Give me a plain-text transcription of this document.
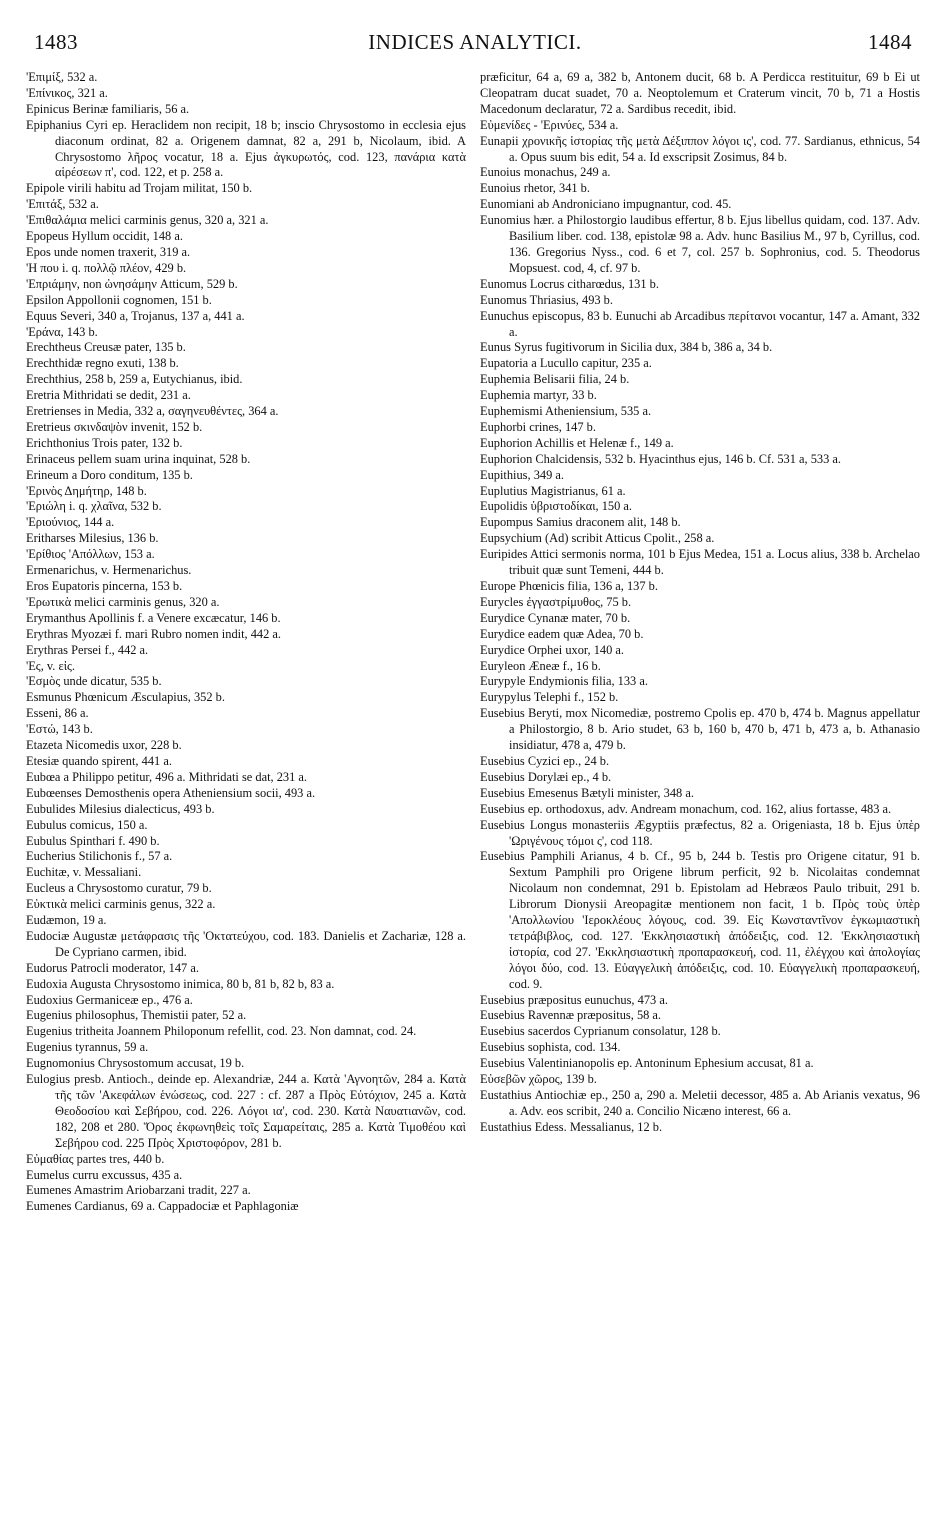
1483	INDICES ANALYTICI.	1484
'Επιμίξ, 532 a.
'Επίνικος, 321 a.
Epinicus Berinæ familiaris, 56 a.
Epiphanius Cyri ep. Heraclidem non recipit, 18 b; inscio Chrysostomo in ecclesia ejus diaconum ordinat, 82 a. Origenem damnat, 82 a, 291 b, Nicolaum, ibid. A Chrysostomo λῆρος vocatur, 18 a. Ejus ἀγκυρωτός, cod. 123, πανάρια κατὰ αἱρέσεων π', cod. 122, et p. 258 a.
Epipole virili habitu ad Trojam militat, 150 b.
'Επιτάξ, 532 a.
'Επιθαλάμια melici carminis genus, 320 a, 321 a.
Epopeus Hyllum occidit, 148 a.
Epos unde nomen traxerit, 319 a.
'Η που i. q. πολλῷ πλέον, 429 b.
'Επριάμην, non ὠνησάμην Atticum, 529 b.
Epsilon Appollonii cognomen, 151 b.
Equus Severi, 340 a, Trojanus, 137 a, 441 a.
'Εράνα, 143 b.
Erechtheus Creusæ pater, 135 b.
Erechthidæ regno exuti, 138 b.
Erechthius, 258 b, 259 a, Eutychianus, ibid.
Eretria Mithridati se dedit, 231 a.
Eretrienses in Media, 332 a, σαγηνευθέντες, 364 a.
Eretrieus σκινδαψὸν invenit, 152 b.
Erichthonius Trois pater, 132 b.
Erinaceus pellem suam urina inquinat, 528 b.
Erineum a Doro conditum, 135 b.
'Ερινὸς Δημήτηρ, 148 b.
'Εριώλη i. q. χλαῖνα, 532 b.
'Εριούνιος, 144 a.
Eritharses Milesius, 136 b.
'Ερίθιος 'Απόλλων, 153 a.
Ermenarichus, v. Hermenarichus.
Eros Eupatoris pincerna, 153 b.
'Ερωτικὰ melici carminis genus, 320 a.
Erymanthus Apollinis f. a Venere excæcatur, 146 b.
Erythras Myozæi f. mari Rubro nomen indit, 442 a.
Erythras Persei f., 442 a.
'Ες, v. εἰς.
'Εσμὸς unde dicatur, 535 b.
Esmunus Phœnicum Æsculapius, 352 b.
Esseni, 86 a.
'Εστώ, 143 b.
Etazeta Nicomedis uxor, 228 b.
Etesiæ quando spirent, 441 a.
Eubœa a Philippo petitur, 496 a. Mithridati se dat, 231 a.
Eubœenses Demosthenis opera Atheniensium socii, 493 a.
Eubulides Milesius dialecticus, 493 b.
Eubulus comicus, 150 a.
Eubulus Spinthari f. 490 b.
Eucherius Stilichonis f., 57 a.
Euchitæ, v. Messaliani.
Eucleus a Chrysostomo curatur, 79 b.
Εὐκτικὰ melici carminis genus, 322 a.
Eudæmon, 19 a.
Eudociæ Augustæ μετάφρασις τῆς 'Οκτατεύχου, cod. 183. Danielis et Zachariæ, 128 a. De Cypriano carmen, ibid.
Eudorus Patrocli moderator, 147 a.
Eudoxia Augusta Chrysostomo inimica, 80 b, 81 b, 82 b, 83 a.
Eudoxius Germaniceæ ep., 476 a.
Eugenius philosophus, Themistii pater, 52 a.
Eugenius tritheita Joannem Philoponum refellit, cod. 23. Non damnat, cod. 24.
Eugenius tyrannus, 59 a.
Eugnomonius Chrysostomum accusat, 19 b.
Eulogius presb. Antioch., deinde ep. Alexandriæ, 244 a. Κατὰ 'Αγνοητῶν, 284 a. Κατὰ τῆς τῶν 'Ακεφάλων ἑνώσεως, cod. 227 : cf. 287 a Πρὸς Εὐτόχιον, 245 a. Κατὰ Θεοδοσίου καὶ Σεβήρου, cod. 226. Λόγοι ια', cod. 230. Κατὰ Ναυατιανῶν, cod. 182, 208 et 280. Ὅρος ἐκφωνηθεὶς τοῖς Σαμαρείταις, 285 a. Κατὰ Τιμοθέου καὶ Σεβήρου cod. 225 Πρὸς Χριστοφόρον, 281 b.
Εὐμαθίας partes tres, 440 b.
Eumelus curru excussus, 435 a.
Eumenes Amastrim Ariobarzani tradit, 227 a.
Eumenes Cardianus, 69 a. Cappadociæ et Paphlagoniæ
præficitur, 64 a, 69 a, 382 b, Antonem ducit, 68 b. A Perdicca restituitur, 69 b Ei ut Cleopatram ducat suadet, 70 a. Neoptolemum et Craterum vincit, 70 b, 71 a Hostis Macedonum declaratur, 72 a. Sardibus recedit, ibid.
Εὐμενίδες - 'Ερινύες, 534 a.
Eunapii χρονικῆς ἱστορίας τῆς μετὰ Δέξιππον λόγοι ις', cod. 77. Sardianus, ethnicus, 54 a. Opus suum bis edit, 54 a. Id exscripsit Zosimus, 84 b.
Eunoius monachus, 249 a.
Eunoius rhetor, 341 b.
Eunomiani ab Androniciano impugnantur, cod. 45.
Eunomius hær. a Philostorgio laudibus effertur, 8 b. Ejus libellus quidam, cod. 137. Adv. Basilium liber. cod. 138, epistolæ 98 a. Adv. hunc Basilius M., 97 b, Cyrillus, cod. 136. Gregorius Nyss., cod. 6 et 7, col. 257 b. Sophronius, cod. 5. Theodorus Mopsuest. cod, 4, cf. 97 b.
Eunomus Locrus citharœdus, 131 b.
Eunomus Thriasius, 493 b.
Eunuchus episcopus, 83 b. Eunuchi ab Arcadibus περίτανοι vocantur, 147 a. Amant, 332 a.
Eunus Syrus fugitivorum in Sicilia dux, 384 b, 386 a, 34 b.
Eupatoria a Lucullo capitur, 235 a.
Euphemia Belisarii filia, 24 b.
Euphemia martyr, 33 b.
Euphemismi Atheniensium, 535 a.
Euphorbi crines, 147 b.
Euphorion Achillis et Helenæ f., 149 a.
Euphorion Chalcidensis, 532 b. Hyacinthus ejus, 146 b. Cf. 531 a, 533 a.
Eupithius, 349 a.
Euplutius Magistrianus, 61 a.
Eupolidis ὑβριστοδίκαι, 150 a.
Eupompus Samius draconem alit, 148 b.
Eupsychium (Ad) scribit Atticus Cpolit., 258 a.
Euripides Attici sermonis norma, 101 b Ejus Medea, 151 a. Locus alius, 338 b. Archelao tribuit quæ sunt Temeni, 444 b.
Europe Phœnicis filia, 136 a, 137 b.
Eurycles ἐγγαστρίμυθος, 75 b.
Eurydice Cynanæ mater, 70 b.
Eurydice eadem quæ Adea, 70 b.
Eurydice Orphei uxor, 140 a.
Euryleon Æneæ f., 16 b.
Eurypyle Endymionis filia, 133 a.
Eurypylus Telephi f., 152 b.
Eusebius Beryti, mox Nicomediæ, postremo Cpolis ep. 470 b, 474 b. Magnus appellatur a Philostorgio, 8 b. Ario studet, 63 b, 160 b, 470 b, 471 b, 473 a, b. Athanasio insidiatur, 478 a, 479 b.
Eusebius Cyzici ep., 24 b.
Eusebius Dorylæi ep., 4 b.
Eusebius Emesenus Bætyli minister, 348 a.
Eusebius ep. orthodoxus, adv. Andream monachum, cod. 162, alius fortasse, 483 a.
Eusebius Longus monasteriis Ægyptiis præfectus, 82 a. Origeniasta, 18 b. Ejus ὑπὲρ 'Ωριγένους τόμοι ς', cod 118.
Eusebius Pamphili Arianus, 4 b. Cf., 95 b, 244 b. Testis pro Origene citatur, 91 b. Sextum Pamphili pro Origene librum perficit, 92 b. Nicolaitas condemnat Nicolaum non condemnat, 291 b. Epistolam ad Hebræos Paulo tribuit, 291 b. Librorum Dionysii Areopagitæ mentionem non facit, 1 b. Πρὸς τοὺς ὑπὲρ 'Απολλωνίου 'Ιεροκλέους λόγους, cod. 39. Εἰς Κωνσταντῖνον ἐγκωμιαστικὴ τετράβιβλος, cod. 127. 'Εκκλησιαστικὴ ἀπόδειξις, cod. 12. 'Εκκλησιαστικὴ ἱστορία, cod 27. 'Εκκλησιαστικὴ προπαρασκευή, cod. 11, ἐλέγχου καὶ ἀπολογίας λόγοι δύο, cod. 13. Εὐαγγελικὴ ἀπόδειξις, cod. 10. Εὐαγγελικὴ προπαρασκευή, cod. 9.
Eusebius præpositus eunuchus, 473 a.
Eusebius Ravennæ præpositus, 58 a.
Eusebius sacerdos Cyprianum consolatur, 128 b.
Eusebius sophista, cod. 134.
Eusebius Valentinianopolis ep. Antoninum Ephesium accusat, 81 a.
Εὐσεβῶν χῶρος, 139 b.
Eustathius Antiochiæ ep., 250 a, 290 a. Meletii decessor, 485 a. Ab Arianis vexatus, 96 a. Adv. eos scribit, 240 a. Concilio Nicæno interest, 66 a.
Eustathius Edess. Messalianus, 12 b.
